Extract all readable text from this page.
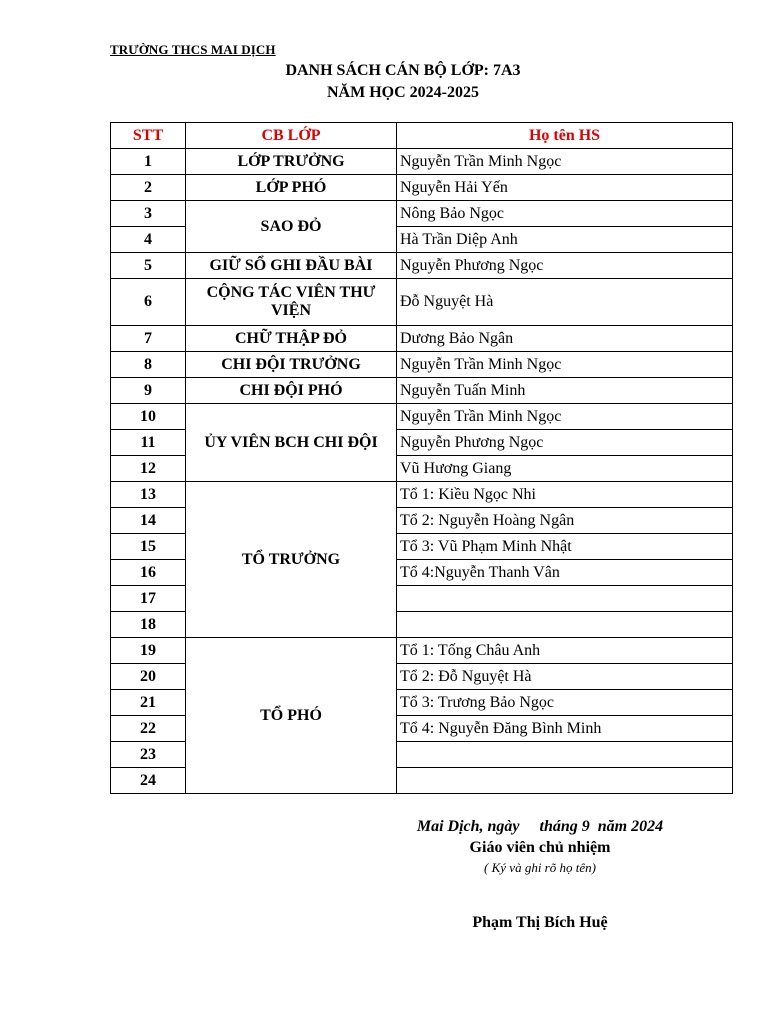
TRƯỜNG THCS MAI DỊCH
DANH SÁCH CÁN BỘ LỚP: 7A3
NĂM HỌC 2024-2025
STT	CB LỚP	Họ tên HS
1	LỚP TRƯỞNG	Nguyễn Trần Minh Ngọc
2	LỚP PHÓ	Nguyễn Hải Yến
3	SAO ĐỎ	Nông Bảo Ngọc
4		Hà Trần Diệp Anh
5	GIỮ SỔ GHI ĐẦU BÀI	Nguyễn Phương Ngọc
6	CỘNG TÁC VIÊN THƯ VIỆN	Đỗ Nguyệt Hà
7	CHỮ THẬP ĐỎ	Dương Bảo Ngân
8	CHI ĐỘI TRƯỞNG	Nguyễn Trần Minh Ngọc
9	CHI ĐỘI PHÓ	Nguyễn Tuấn Minh
10	ỦY VIÊN BCH CHI ĐỘI	Nguyễn Trần Minh Ngọc
11		Nguyễn Phương Ngọc
12		Vũ Hương Giang
13	TỔ TRƯỞNG	Tổ 1: Kiều Ngọc Nhi
14		Tổ 2: Nguyễn Hoàng Ngân
15		Tổ 3: Vũ Phạm Minh Nhật
16		Tổ 4:Nguyễn Thanh Vân
17		
18		
19	TỔ PHÓ	Tổ 1: Tống Châu Anh
20		Tổ 2: Đỗ Nguyệt Hà
21		Tổ 3: Trương Bảo Ngọc
22		Tổ 4: Nguyễn Đăng Bình Minh
23		
24		
Mai Dịch, ngày     tháng 9  năm 2024
Giáo viên chủ nhiệm
( Ký và ghi rõ họ tên)
Phạm Thị Bích Huệ
